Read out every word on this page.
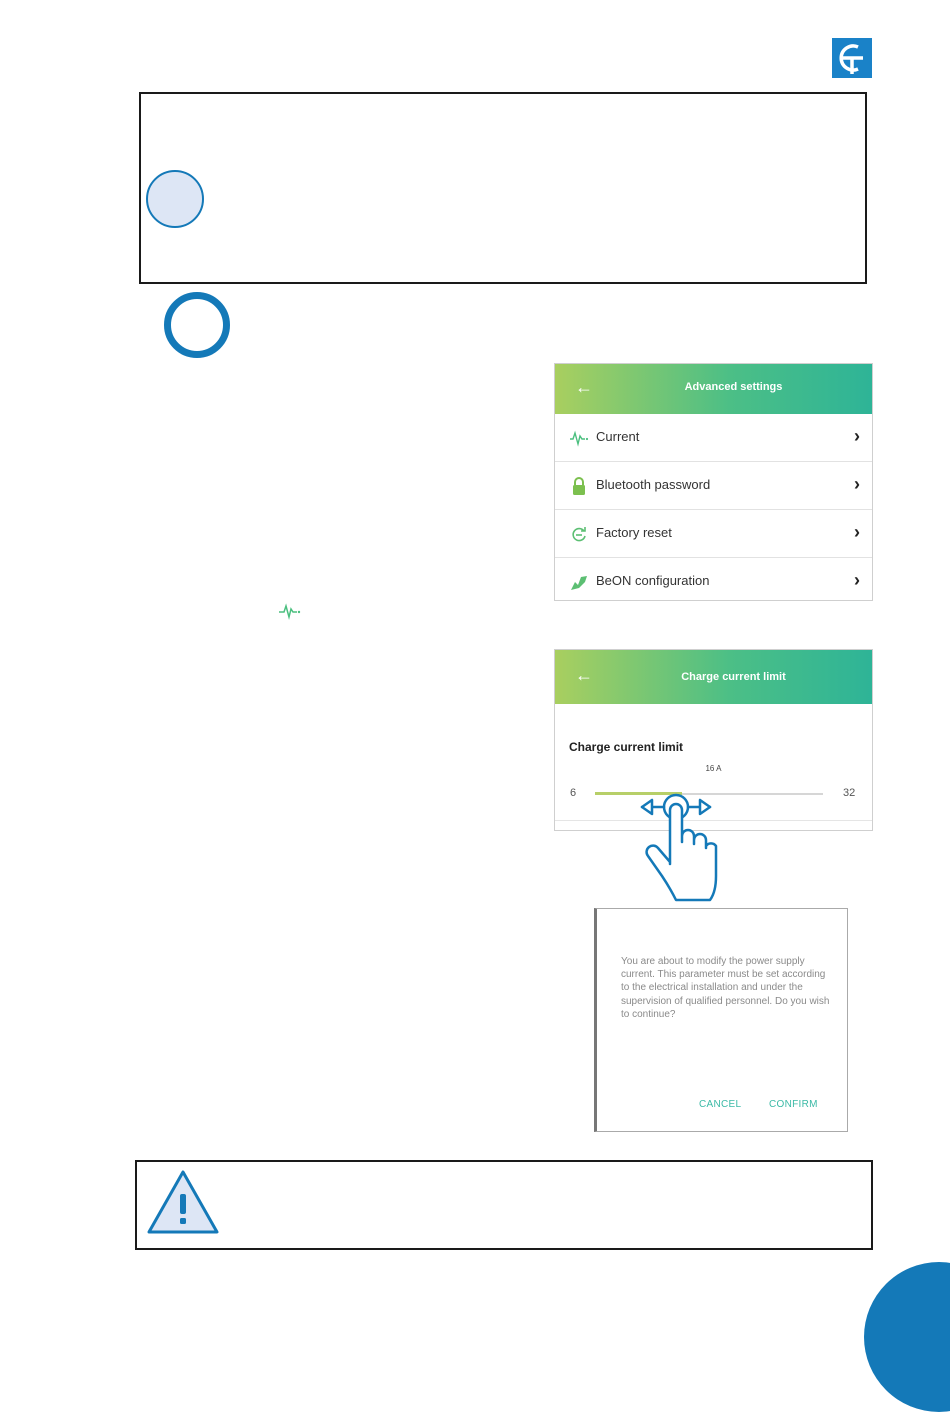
←	Advanced settings
Current	›
Bluetooth password	›
Factory reset	›
BeON configuration	›
←	Charge current limit
Charge current limit
16 A
6	32
You are about to modify the power supply current. This parameter must be set according to the electrical installation and under the supervision of qualified personnel. Do you wish to continue?
CANCEL	CONFIRM
